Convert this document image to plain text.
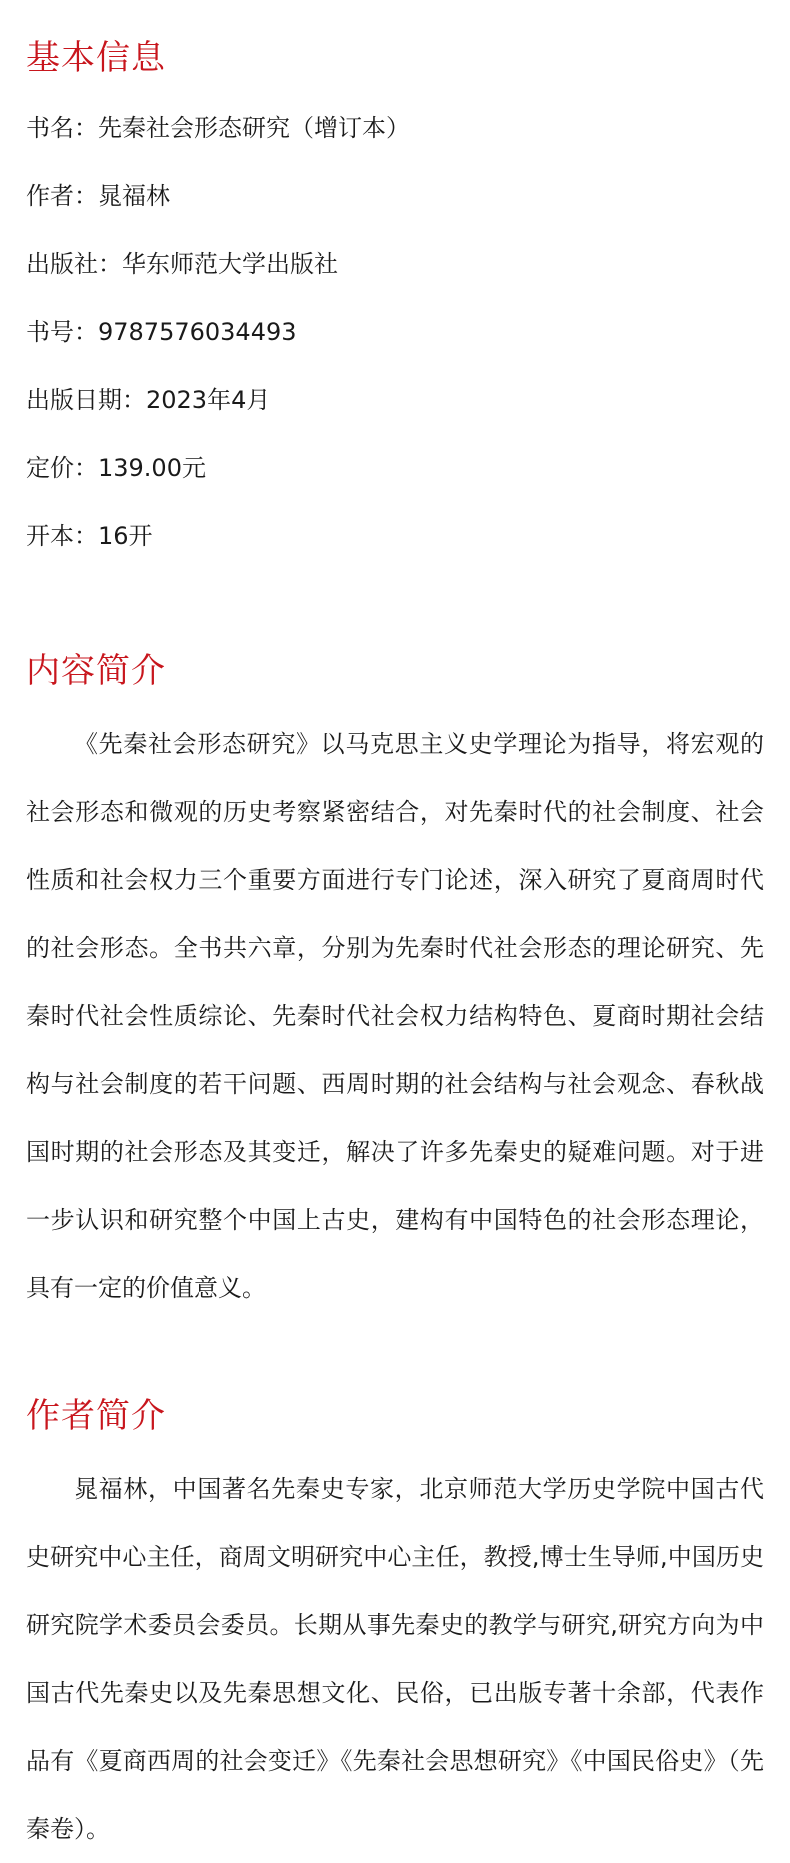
基本信息
书名：先秦社会形态研究（增订本）
作者：晁福林
出版社：华东师范大学出版社
书号：9787576034493
出版日期：2023年4月
定价：139.00元
开本：16开
内容简介

《先秦社会形态研究》以马克思主义史学理论为指导，将宏观的社会形态和微观的历史考察紧密结合，对先秦时代的社会制度、社会性质和社会权力三个重要方面进行专门论述，深入研究了夏商周时代的社会形态。全书共六章，分别为先秦时代社会形态的理论研究、先秦时代社会性质综论、先秦时代社会权力结构特色、夏商时期社会结构与社会制度的若干问题、西周时期的社会结构与社会观念、春秋战国时期的社会形态及其变迁，解决了许多先秦史的疑难问题。对于进一步认识和研究整个中国上古史，建构有中国特色的社会形态理论，具有一定的价值意义。

作者简介

晁福林，中国著名先秦史专家，北京师范大学历史学院中国古代史研究中心主任，商周文明研究中心主任，教授,博士生导师,中国历史研究院学术委员会委员。长期从事先秦史的教学与研究,研究方向为中国古代先秦史以及先秦思想文化、民俗，已出版专著十余部，代表作品有《夏商西周的社会变迁》《先秦社会思想研究》《中国民俗史》（先秦卷）。
